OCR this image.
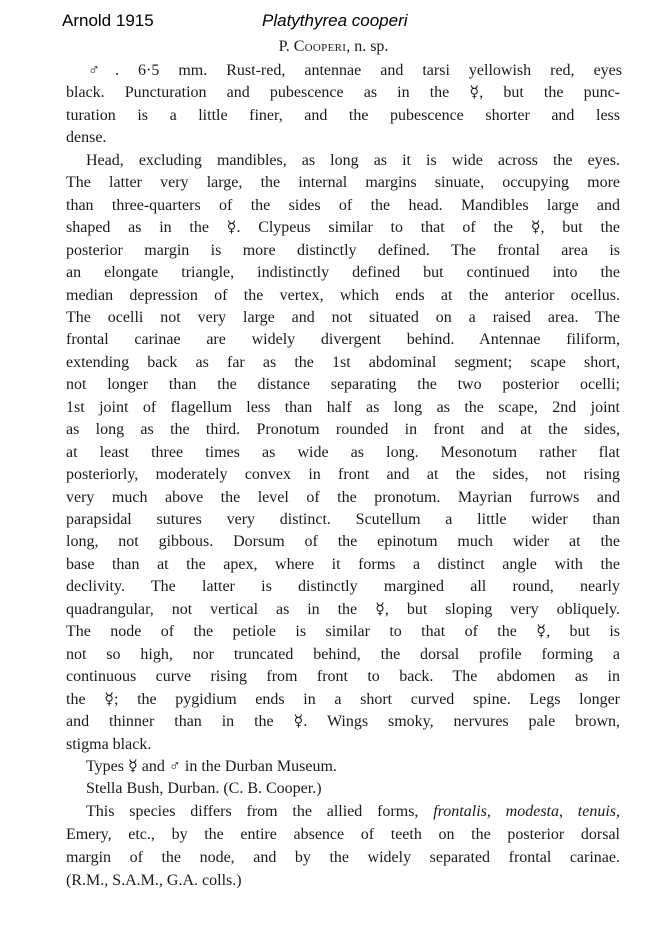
Arnold 1915	Platythyrea cooperi
P. Cooperi, n. sp.
♂. 6·5 mm. Rust-red, antennae and tarsi yellowish red, eyes
black. Puncturation and pubescence as in the ☿, but the punc-
turation is a little finer, and the pubescence shorter and less
dense.
Head, excluding mandibles, as long as it is wide across the eyes.
The latter very large, the internal margins sinuate, occupying more
than three-quarters of the sides of the head. Mandibles large and
shaped as in the ☿. Clypeus similar to that of the ☿, but the
posterior margin is more distinctly defined. The frontal area is
an elongate triangle, indistinctly defined but continued into the
median depression of the vertex, which ends at the anterior ocellus.
The ocelli not very large and not situated on a raised area. The
frontal carinae are widely divergent behind. Antennae filiform,
extending back as far as the 1st abdominal segment; scape short,
not longer than the distance separating the two posterior ocelli;
1st joint of flagellum less than half as long as the scape, 2nd joint
as long as the third. Pronotum rounded in front and at the sides,
at least three times as wide as long. Mesonotum rather flat
posteriorly, moderately convex in front and at the sides, not rising
very much above the level of the pronotum. Mayrian furrows and
parapsidal sutures very distinct. Scutellum a little wider than
long, not gibbous. Dorsum of the epinotum much wider at the
base than at the apex, where it forms a distinct angle with the
declivity. The latter is distinctly margined all round, nearly
quadrangular, not vertical as in the ☿, but sloping very obliquely.
The node of the petiole is similar to that of the ☿, but is
not so high, nor truncated behind, the dorsal profile forming a
continuous curve rising from front to back. The abdomen as in
the ☿; the pygidium ends in a short curved spine. Legs longer
and thinner than in the ☿. Wings smoky, nervures pale brown,
stigma black.
Types ☿ and ♂ in the Durban Museum.
Stella Bush, Durban. (C. B. Cooper.)
This species differs from the allied forms, frontalis, modesta, tenuis,
Emery, etc., by the entire absence of teeth on the posterior dorsal
margin of the node, and by the widely separated frontal carinae.
(R.M., S.A.M., G.A. colls.)
